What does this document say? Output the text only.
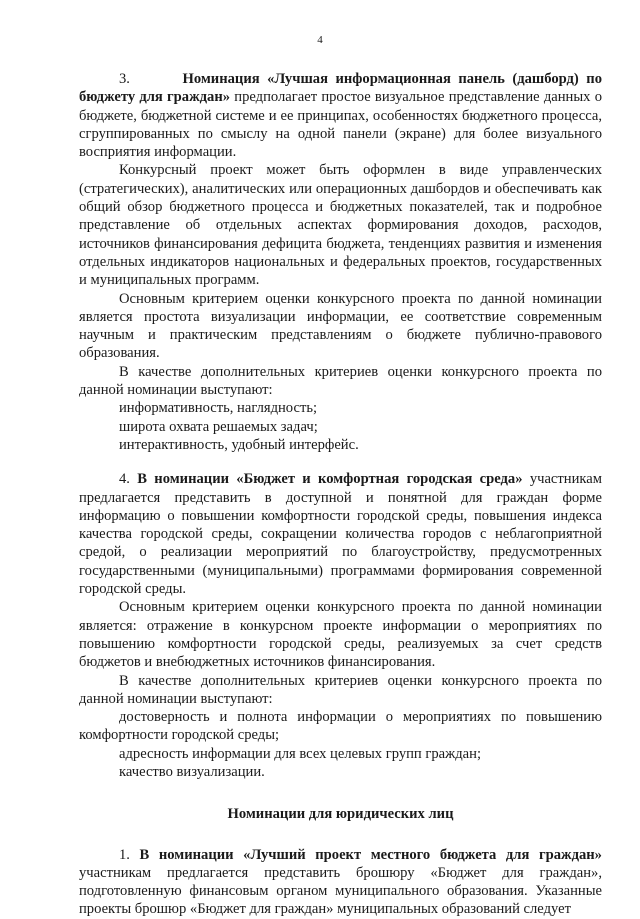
4

3.	Номинация «Лучшая информационная панель (дашборд) по бюджету для граждан» предполагает простое визуальное представление данных о бюджете, бюджетной системе и ее принципах, особенностях бюджетного процесса, сгруппированных по смыслу на одной панели (экране) для более визуального восприятия информации.

Конкурсный проект может быть оформлен в виде управленческих (стратегических), аналитических или операционных дашбордов и обеспечивать как общий обзор бюджетного процесса и бюджетных показателей, так и подробное представление об отдельных аспектах формирования доходов, расходов, источников финансирования дефицита бюджета, тенденциях развития и изменения отдельных индикаторов национальных и федеральных проектов, государственных и муниципальных программ.

Основным критерием оценки конкурсного проекта по данной номинации является простота визуализации информации, ее соответствие современным научным и практическим представлениям о бюджете публично-правового образования.

В качестве дополнительных критериев оценки конкурсного проекта по данной номинации выступают:

информативность, наглядность;

широта охвата решаемых задач;

интерактивность, удобный интерфейс.

4. В номинации «Бюджет и комфортная городская среда» участникам предлагается представить в доступной и понятной для граждан форме информацию о повышении комфортности городской среды, повышения индекса качества городской среды, сокращении количества городов с неблагоприятной средой, о реализации мероприятий по благоустройству, предусмотренных государственными (муниципальными) программами формирования современной городской среды.

Основным критерием оценки конкурсного проекта по данной номинации является: отражение в конкурсном проекте информации о мероприятиях по повышению комфортности городской среды, реализуемых за счет средств бюджетов и внебюджетных источников финансирования.

В качестве дополнительных критериев оценки конкурсного проекта по данной номинации выступают:

достоверность и полнота информации о мероприятиях по повышению комфортности городской среды;

адресность информации для всех целевых групп граждан;

качество визуализации.

Номинации для юридических лиц

1. В номинации «Лучший проект местного бюджета для граждан» участникам предлагается представить брошюру «Бюджет для граждан», подготовленную финансовым органом муниципального образования. Указанные проекты брошюр «Бюджет для граждан» муниципальных образований следует
